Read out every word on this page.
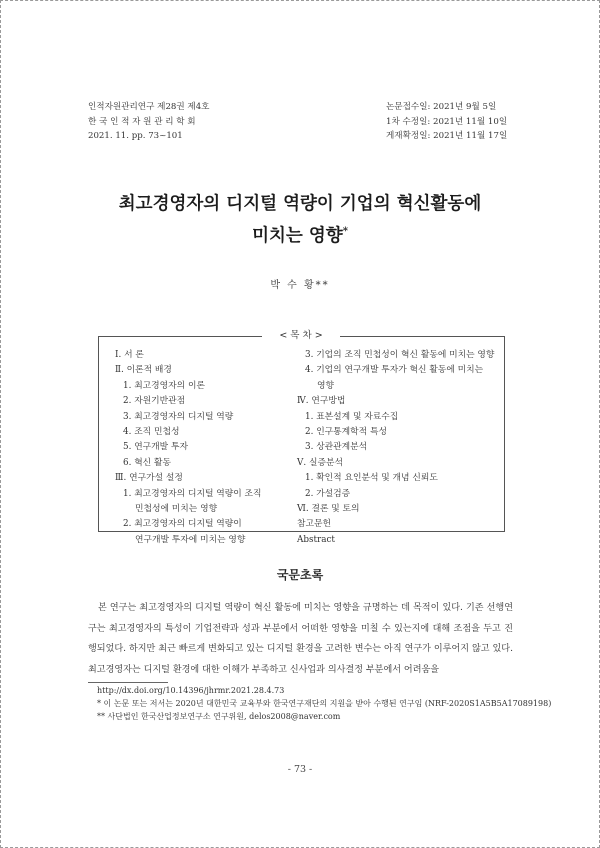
인적자원관리연구 제28권 제4호
한 국 인 적 자 원 관 리 학 회
2021. 11. pp. 73~101
논문접수일: 2021년 9월 5일
1차 수정일: 2021년 11월 10일
게재확정일: 2021년 11월 17일
최고경영자의 디지털 역량이 기업의 혁신활동에
미치는 영향*
박 수 황**
< 목 차 >
Ⅰ. 서 론
Ⅱ. 이론적 배경
1. 최고경영자의 이론
2. 자원기반관점
3. 최고경영자의 디지털 역량
4. 조직 민첩성
5. 연구개발 투자
6. 혁신 활동
Ⅲ. 연구가설 설정
1. 최고경영자의 디지털 역량이 조직
민첩성에 미치는 영향
2. 최고경영자의 디지털 역량이
연구개발 투자에 미치는 영향
3. 기업의 조직 민첩성이 혁신 활동에 미치는 영향
4. 기업의 연구개발 투자가 혁신 활동에 미치는
영향
Ⅳ. 연구방법
1. 표본설계 및 자료수집
2. 인구통계학적 특성
3. 상관관계분석
Ⅴ. 실증분석
1. 확인적 요인분석 및 개념 신뢰도
2. 가설검증
Ⅵ. 결론 및 토의
참고문헌
Abstract
국문초록
본 연구는 최고경영자의 디지털 역량이 혁신 활동에 미치는 영향을 규명하는 데 목적이 있다. 기존 선행연구는 최고경영자의 특성이 기업전략과 성과 부분에서 어떠한 영향을 미칠 수 있는지에 대해 조점을 두고 진행되었다. 하지만 최근 빠르게 변화되고 있는 디지털 환경을 고려한 변수는 아직 연구가 이루어지 않고 있다. 최고경영자는 디지털 환경에 대한 이해가 부족하고 신사업과 의사결정 부분에서 어려움을
http://dx.doi.org/10.14396/jhrmr.2021.28.4.73
* 이 논문 또는 저서는 2020년 대한민국 교육부와 한국연구재단의 지원을 받아 수행된 연구임 (NRF-2020S1A5B5A17089198)
** 사단법인 한국산업정보연구소 연구위원, delos2008@naver.com
- 73 -
